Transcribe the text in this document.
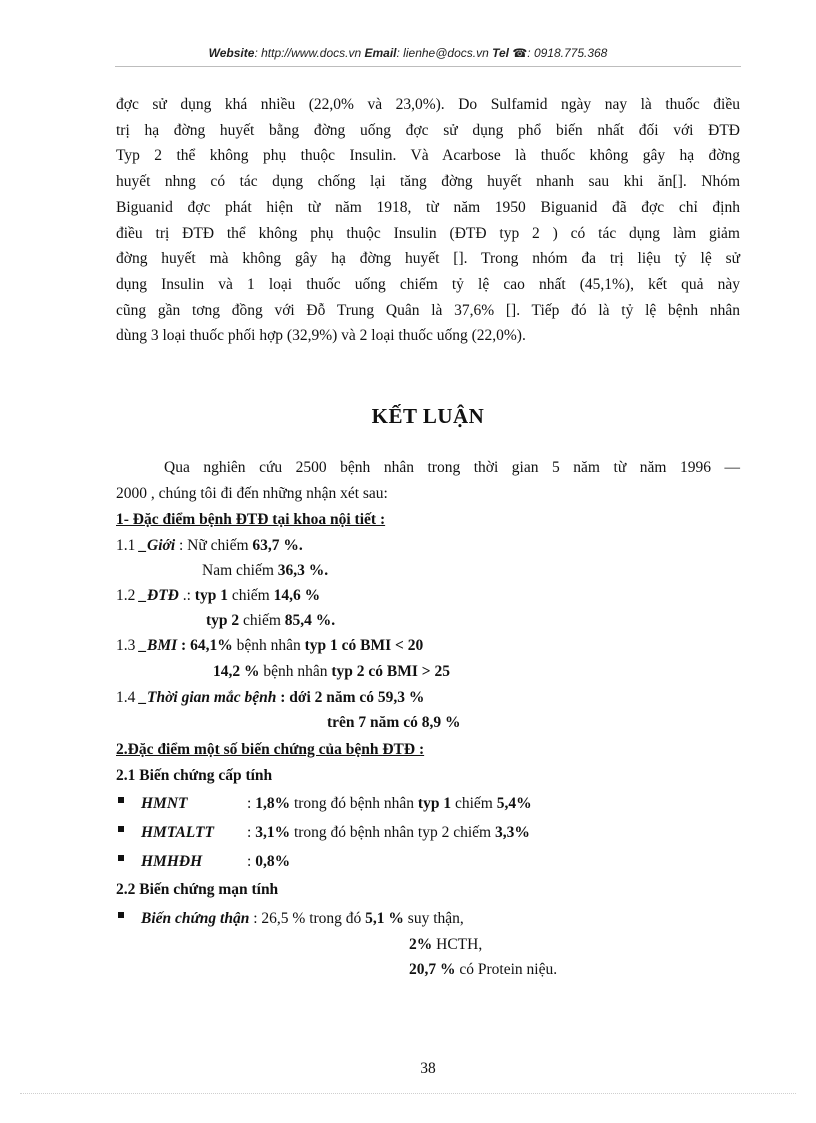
Website: http://www.docs.vn Email: lienhe@docs.vn Tel ☎: 0918.775.368
đợc sử dụng khá nhiều (22,0% và 23,0%). Do Sulfamid ngày nay là thuốc điều
trị hạ đờng huyết bằng đờng uống đợc sử dụng phổ biến nhất đối với ĐTĐ
Typ 2 thể không phụ thuộc Insulin. Và Acarbose là thuốc không gây hạ đờng
huyết nhng có tác dụng chống lại tăng đờng huyết nhanh sau khi ăn[]. Nhóm
Biguanid đợc phát hiện từ năm 1918, từ năm 1950 Biguanid đã đợc chỉ định
điều trị ĐTĐ thể không phụ thuộc Insulin (ĐTĐ typ 2 ) có tác dụng làm giảm
đờng huyết mà không gây hạ đờng huyết []. Trong nhóm đa trị liệu tỷ lệ sử
dụng Insulin và 1 loại thuốc uống chiếm tỷ lệ cao nhất (45,1%), kết quả này
cũng gần tơng đồng với Đỗ Trung Quân là 37,6% []. Tiếp đó là tỷ lệ bệnh nhân
dùng 3 loại thuốc phối hợp (32,9%) và 2 loại thuốc uống (22,0%).
KẾT LUẬN
Qua nghiên cứu 2500 bệnh nhân trong thời gian 5 năm từ năm 1996 —
2000 , chúng tôi đi đến những nhận xét sau:
1- Đặc điểm bệnh ĐTĐ tại khoa nội tiết :
1.1 _Giới : Nữ chiếm 63,7 %.
Nam chiếm 36,3 %.
1.2 _ĐTĐ .: typ 1 chiếm 14,6 %
typ 2 chiếm 85,4 %.
1.3 _BMI : 64,1% bệnh nhân typ 1 có BMI < 20
14,2 % bệnh nhân typ 2 có BMI > 25
1.4 _Thời gian mắc bệnh : dới 2 năm có 59,3 %
trên 7 năm có 8,9 %
2.Đặc điểm một số biến chứng của bệnh ĐTĐ :
2.1 Biến chứng cấp tính
HMNT	: 1,8% trong đó bệnh nhân typ 1 chiếm 5,4%
HMTALTT : 3,1% trong đó bệnh nhân typ 2 chiếm 3,3%
HMHĐH	: 0,8%
2.2 Biến chứng mạn tính
Biến chứng thận : 26,5 % trong đó 5,1 % suy thận,
2% HCTH,
20,7 % có Protein niệu.
38
